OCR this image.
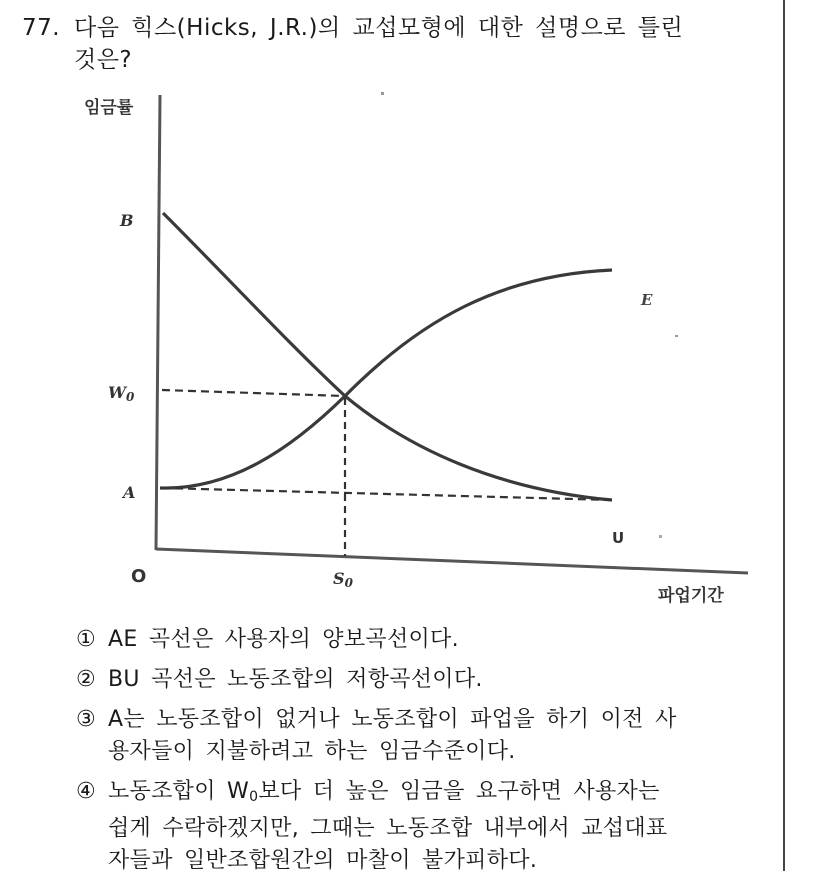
77. 다음 힉스(Hicks, J.R.)의 교섭모형에 대한 설명으로 틀린
것은?
임금률
B
W0
A
O	S0
파업기간
E
U
① AE 곡선은 사용자의 양보곡선이다.
② BU 곡선은 노동조합의 저항곡선이다.
③ A는 노동조합이 없거나 노동조합이 파업을 하기 이전 사
용자들이 지불하려고 하는 임금수준이다.
④ 노동조합이 $W_0$보다 더 높은 임금을 요구하면 사용자는
쉽게 수락하겠지만, 그때는 노동조합 내부에서 교섭대표
자들과 일반조합원간의 마찰이 불가피하다.
